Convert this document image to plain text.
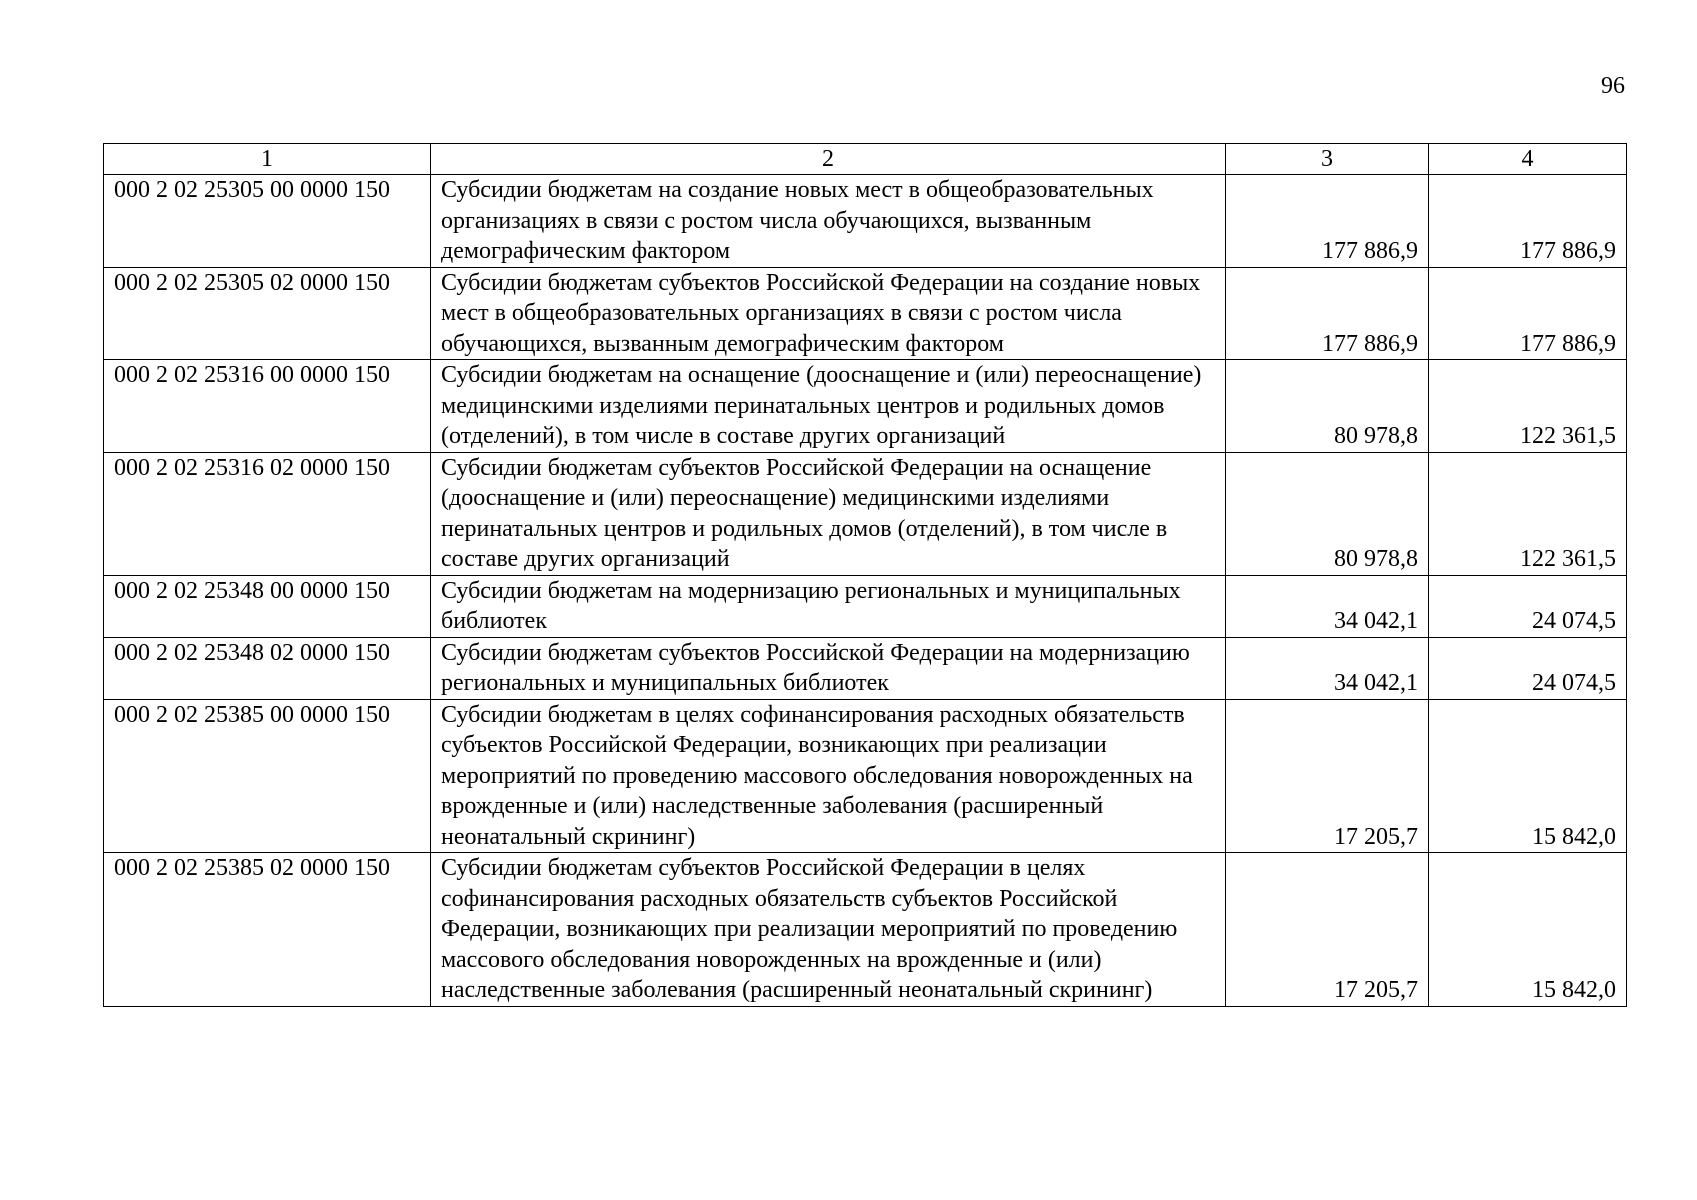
96
1	2	3	4
000 2 02 25305 00 0000 150	Субсидии бюджетам на создание новых мест в общеобразовательных организациях в связи с ростом числа обучающихся, вызванным демографическим фактором	177 886,9	177 886,9
000 2 02 25305 02 0000 150	Субсидии бюджетам субъектов Российской Федерации на создание новых мест в общеобразовательных организациях в связи с ростом числа обучающихся, вызванным демографическим фактором	177 886,9	177 886,9
000 2 02 25316 00 0000 150	Субсидии бюджетам на оснащение (дооснащение и (или) переоснащение) медицинскими изделиями перинатальных центров и родильных домов (отделений), в том числе в составе других организаций	80 978,8	122 361,5
000 2 02 25316 02 0000 150	Субсидии бюджетам субъектов Российской Федерации на оснащение (дооснащение и (или) переоснащение) медицинскими изделиями перинатальных центров и родильных домов (отделений), в том числе в составе других организаций	80 978,8	122 361,5
000 2 02 25348 00 0000 150	Субсидии бюджетам на модернизацию региональных и муниципальных библиотек	34 042,1	24 074,5
000 2 02 25348 02 0000 150	Субсидии бюджетам субъектов Российской Федерации на модернизацию региональных и муниципальных библиотек	34 042,1	24 074,5
000 2 02 25385 00 0000 150	Субсидии бюджетам в целях софинансирования расходных обязательств субъектов Российской Федерации, возникающих при реализации мероприятий по проведению массового обследования новорожденных на врожденные и (или) наследственные заболевания (расширенный неонатальный скрининг)	17 205,7	15 842,0
000 2 02 25385 02 0000 150	Субсидии бюджетам субъектов Российской Федерации в целях софинансирования расходных обязательств субъектов Российской Федерации, возникающих при реализации мероприятий по проведению массового обследования новорожденных на врожденные и (или) наследственные заболевания (расширенный неонатальный скрининг)	17 205,7	15 842,0
